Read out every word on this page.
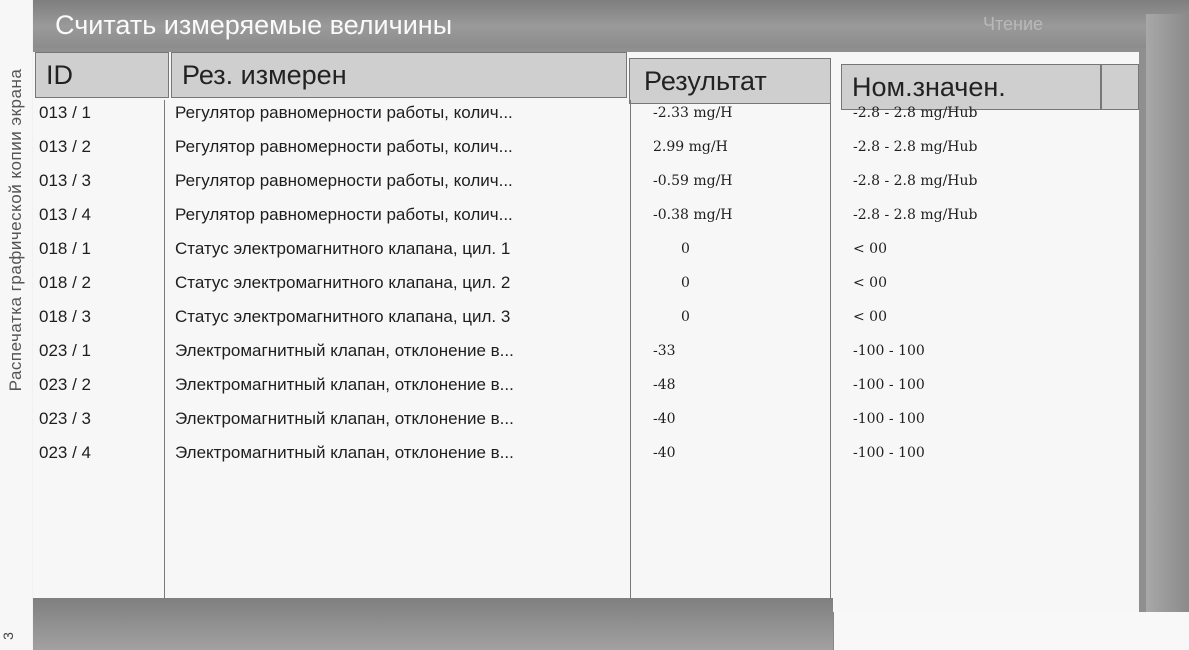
Распечатка графической копии экрана
3
Считать измеряемые величины	Чтение
ID	Рез. измерен	Результат	Ном.значен.
013 / 1	Регулятор равномерности работы, колич...	-2.33 mg/H	-2.8 - 2.8 mg/Hub
013 / 2	Регулятор равномерности работы, колич...	2.99 mg/H	-2.8 - 2.8 mg/Hub
013 / 3	Регулятор равномерности работы, колич...	-0.59 mg/H	-2.8 - 2.8 mg/Hub
013 / 4	Регулятор равномерности работы, колич...	-0.38 mg/H	-2.8 - 2.8 mg/Hub
018 / 1	Статус электромагнитного клапана, цил. 1	0	< 00
018 / 2	Статус электромагнитного клапана, цил. 2	0	< 00
018 / 3	Статус электромагнитного клапана, цил. 3	0	< 00
023 / 1	Электромагнитный клапан, отклонение в...	-33	-100 - 100
023 / 2	Электромагнитный клапан, отклонение в...	-48	-100 - 100
023 / 3	Электромагнитный клапан, отклонение в...	-40	-100 - 100
023 / 4	Электромагнитный клапан, отклонение в...	-40	-100 - 100
